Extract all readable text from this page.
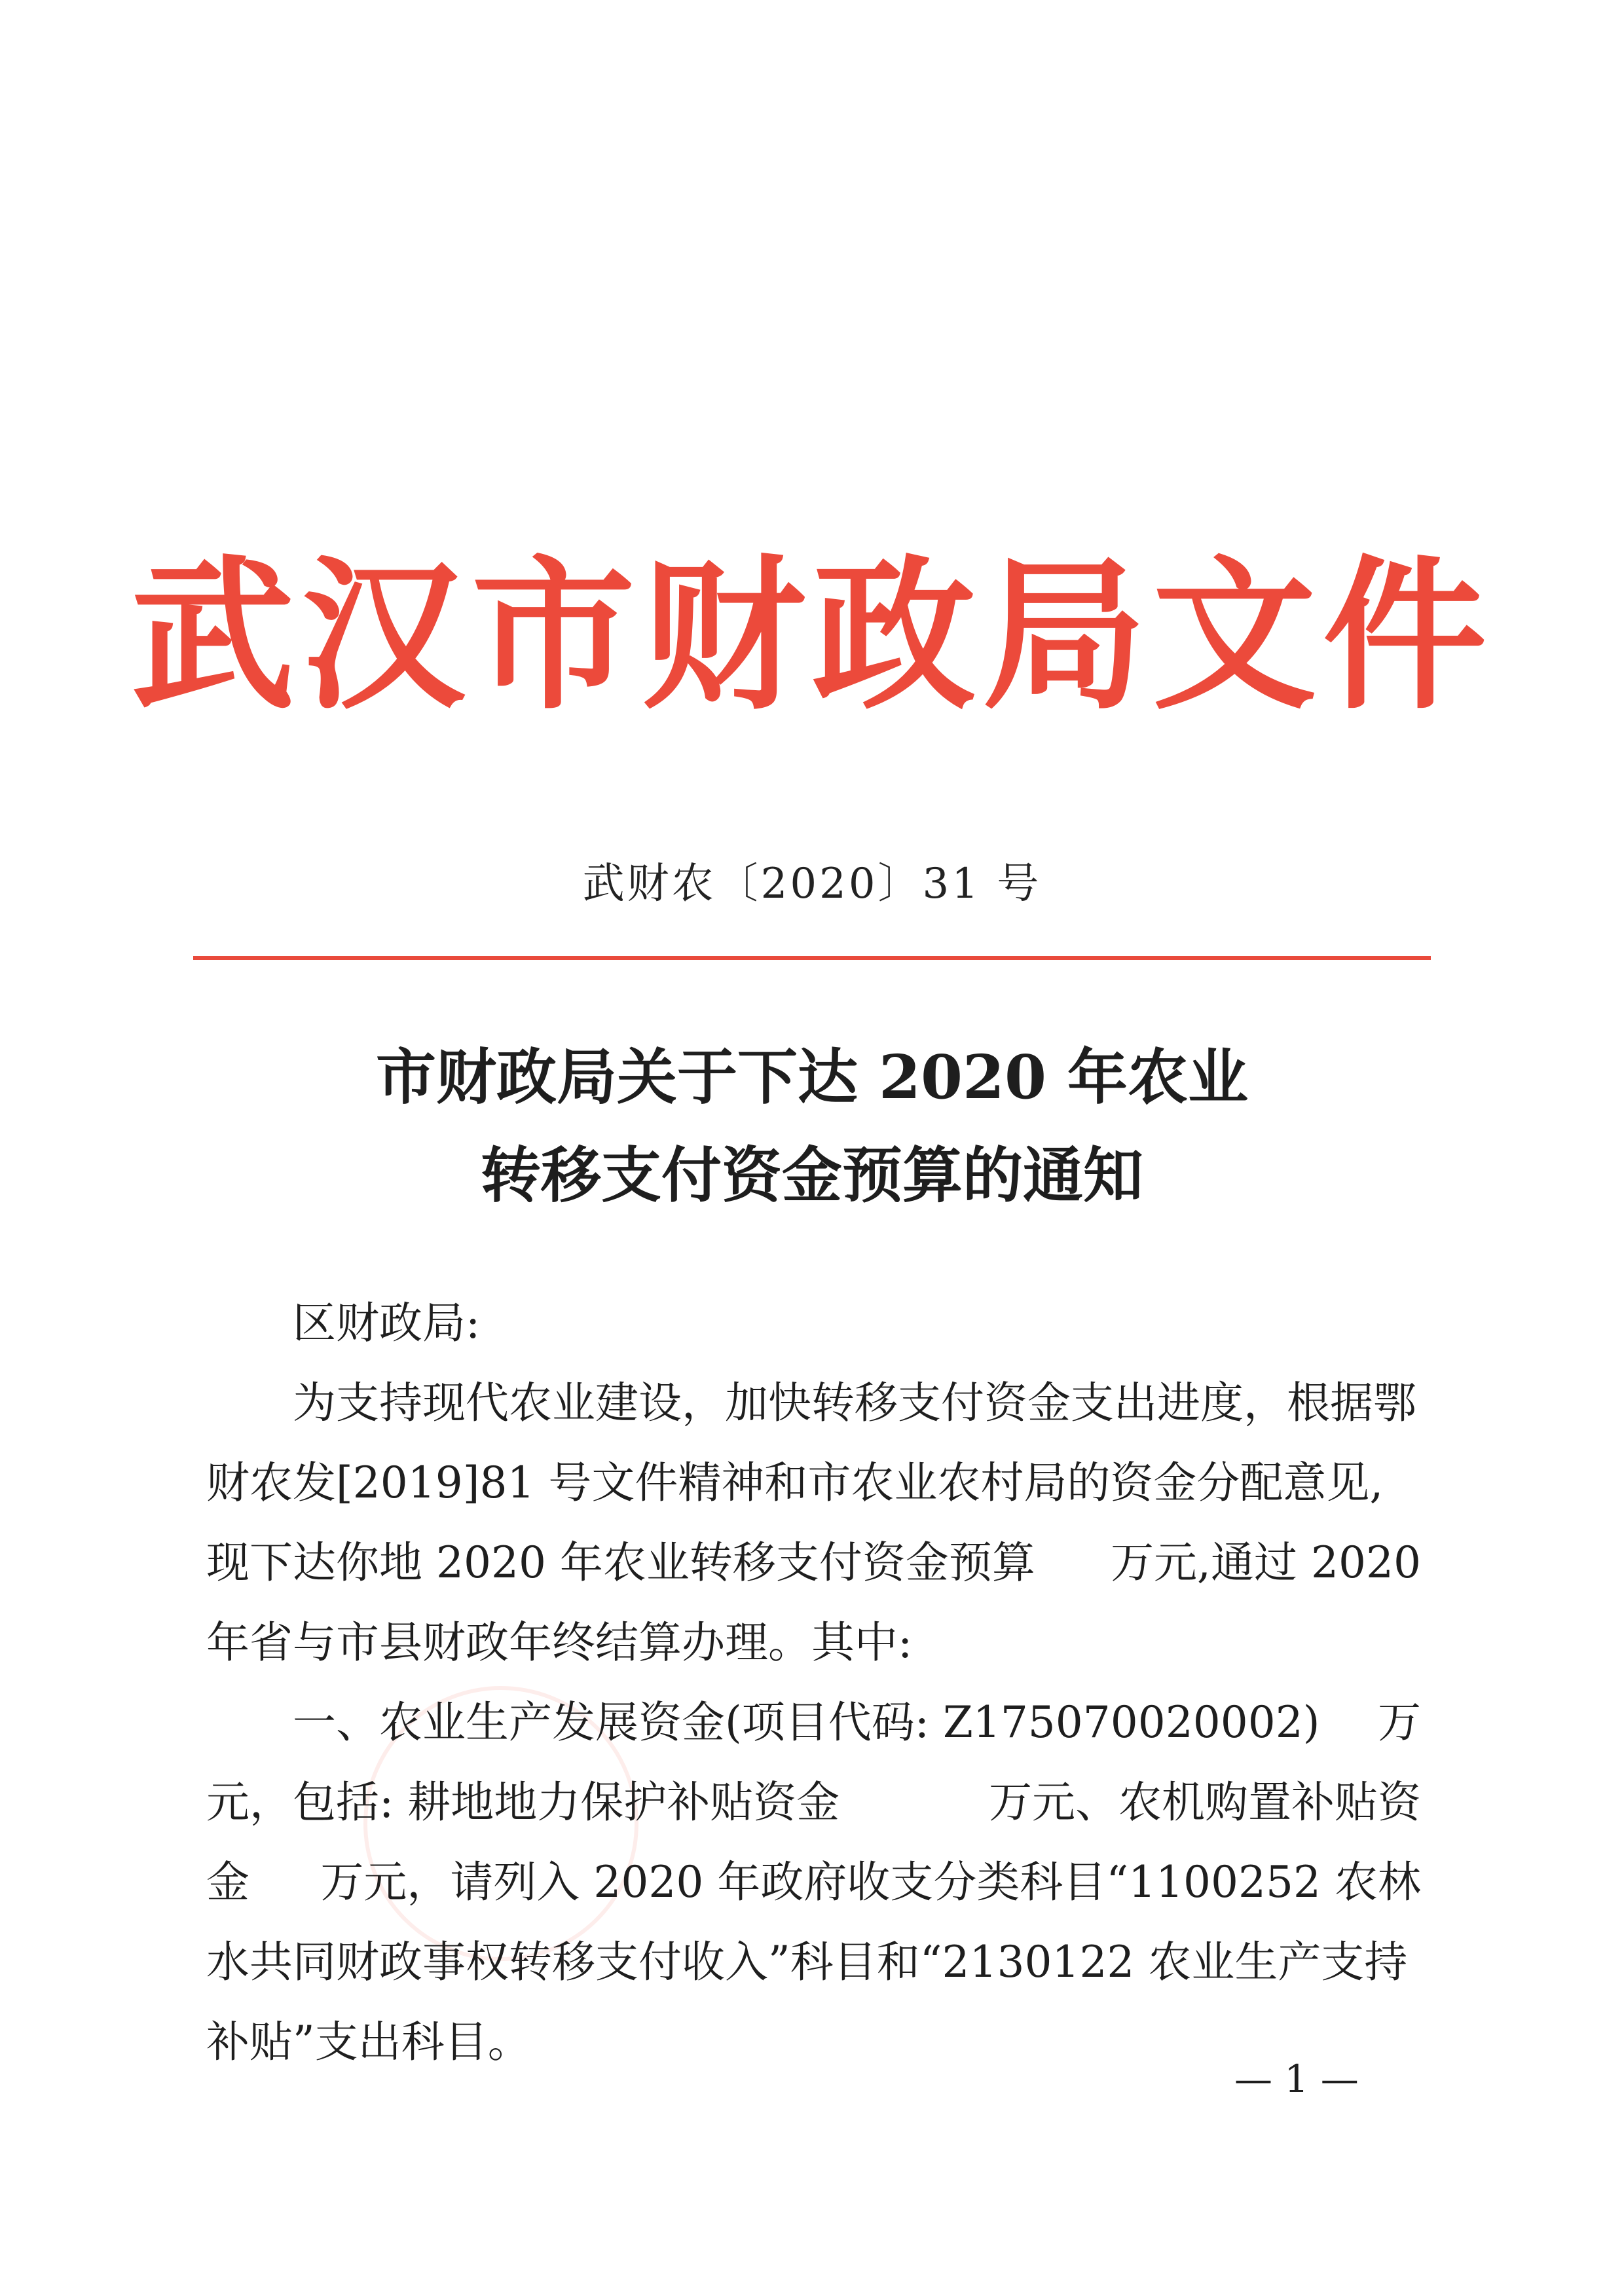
武汉市财政局文件
武财农〔2020〕31 号
市财政局关于下达 2020 年农业
转移支付资金预算的通知
区财政局:
为支持现代农业建设，加快转移支付资金支出进度，根据鄂
财农发[2019]81 号文件精神和市农业农村局的资金分配意见,
现下达你地 2020 年农业转移支付资金预算 万元,通过 2020
年省与市县财政年终结算办理。其中:
一、农业生产发展资金(项目代码: Z175070020002) 万
元，包括: 耕地地力保护补贴资金	万元、农机购置补贴资
金 万元，请列入 2020 年政府收支分类科目“1100252 农林
水共同财政事权转移支付收入”科目和“2130122 农业生产支持
补贴”支出科目。
— 1 —
